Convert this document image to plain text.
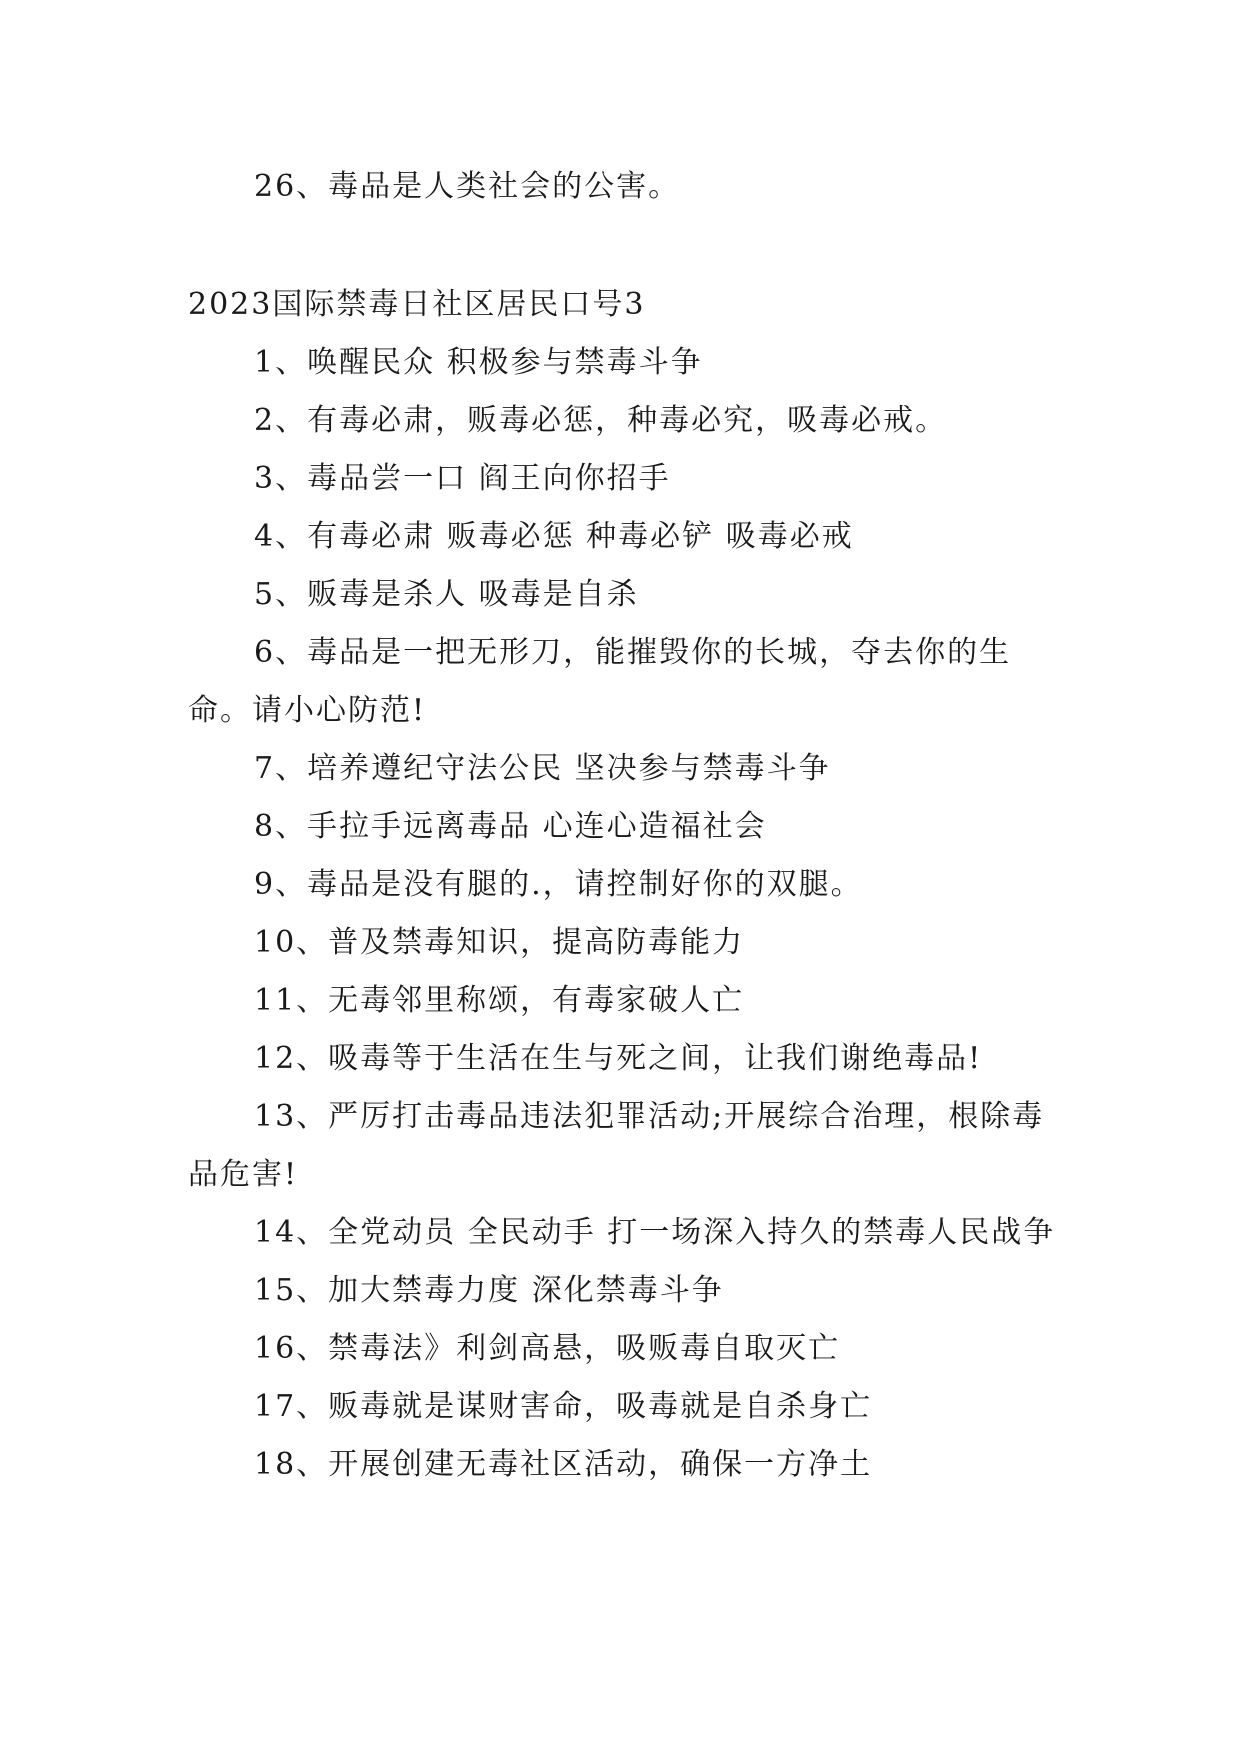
26、毒品是人类社会的公害。

2023国际禁毒日社区居民口号3

1、唤醒民众 积极参与禁毒斗争

2、有毒必肃，贩毒必惩，种毒必究，吸毒必戒。

3、毒品尝一口 阎王向你招手

4、有毒必肃 贩毒必惩 种毒必铲 吸毒必戒

5、贩毒是杀人 吸毒是自杀

6、毒品是一把无形刀，能摧毁你的长城，夺去你的生命。请小心防范!

7、培养遵纪守法公民 坚决参与禁毒斗争

8、手拉手远离毒品 心连心造福社会

9、毒品是没有腿的.，请控制好你的双腿。

10、普及禁毒知识，提高防毒能力

11、无毒邻里称颂，有毒家破人亡

12、吸毒等于生活在生与死之间，让我们谢绝毒品!

13、严厉打击毒品违法犯罪活动;开展综合治理，根除毒品危害!

14、全党动员 全民动手 打一场深入持久的禁毒人民战争

15、加大禁毒力度 深化禁毒斗争

16、禁毒法》利剑高悬，吸贩毒自取灭亡

17、贩毒就是谋财害命，吸毒就是自杀身亡

18、开展创建无毒社区活动，确保一方净土
